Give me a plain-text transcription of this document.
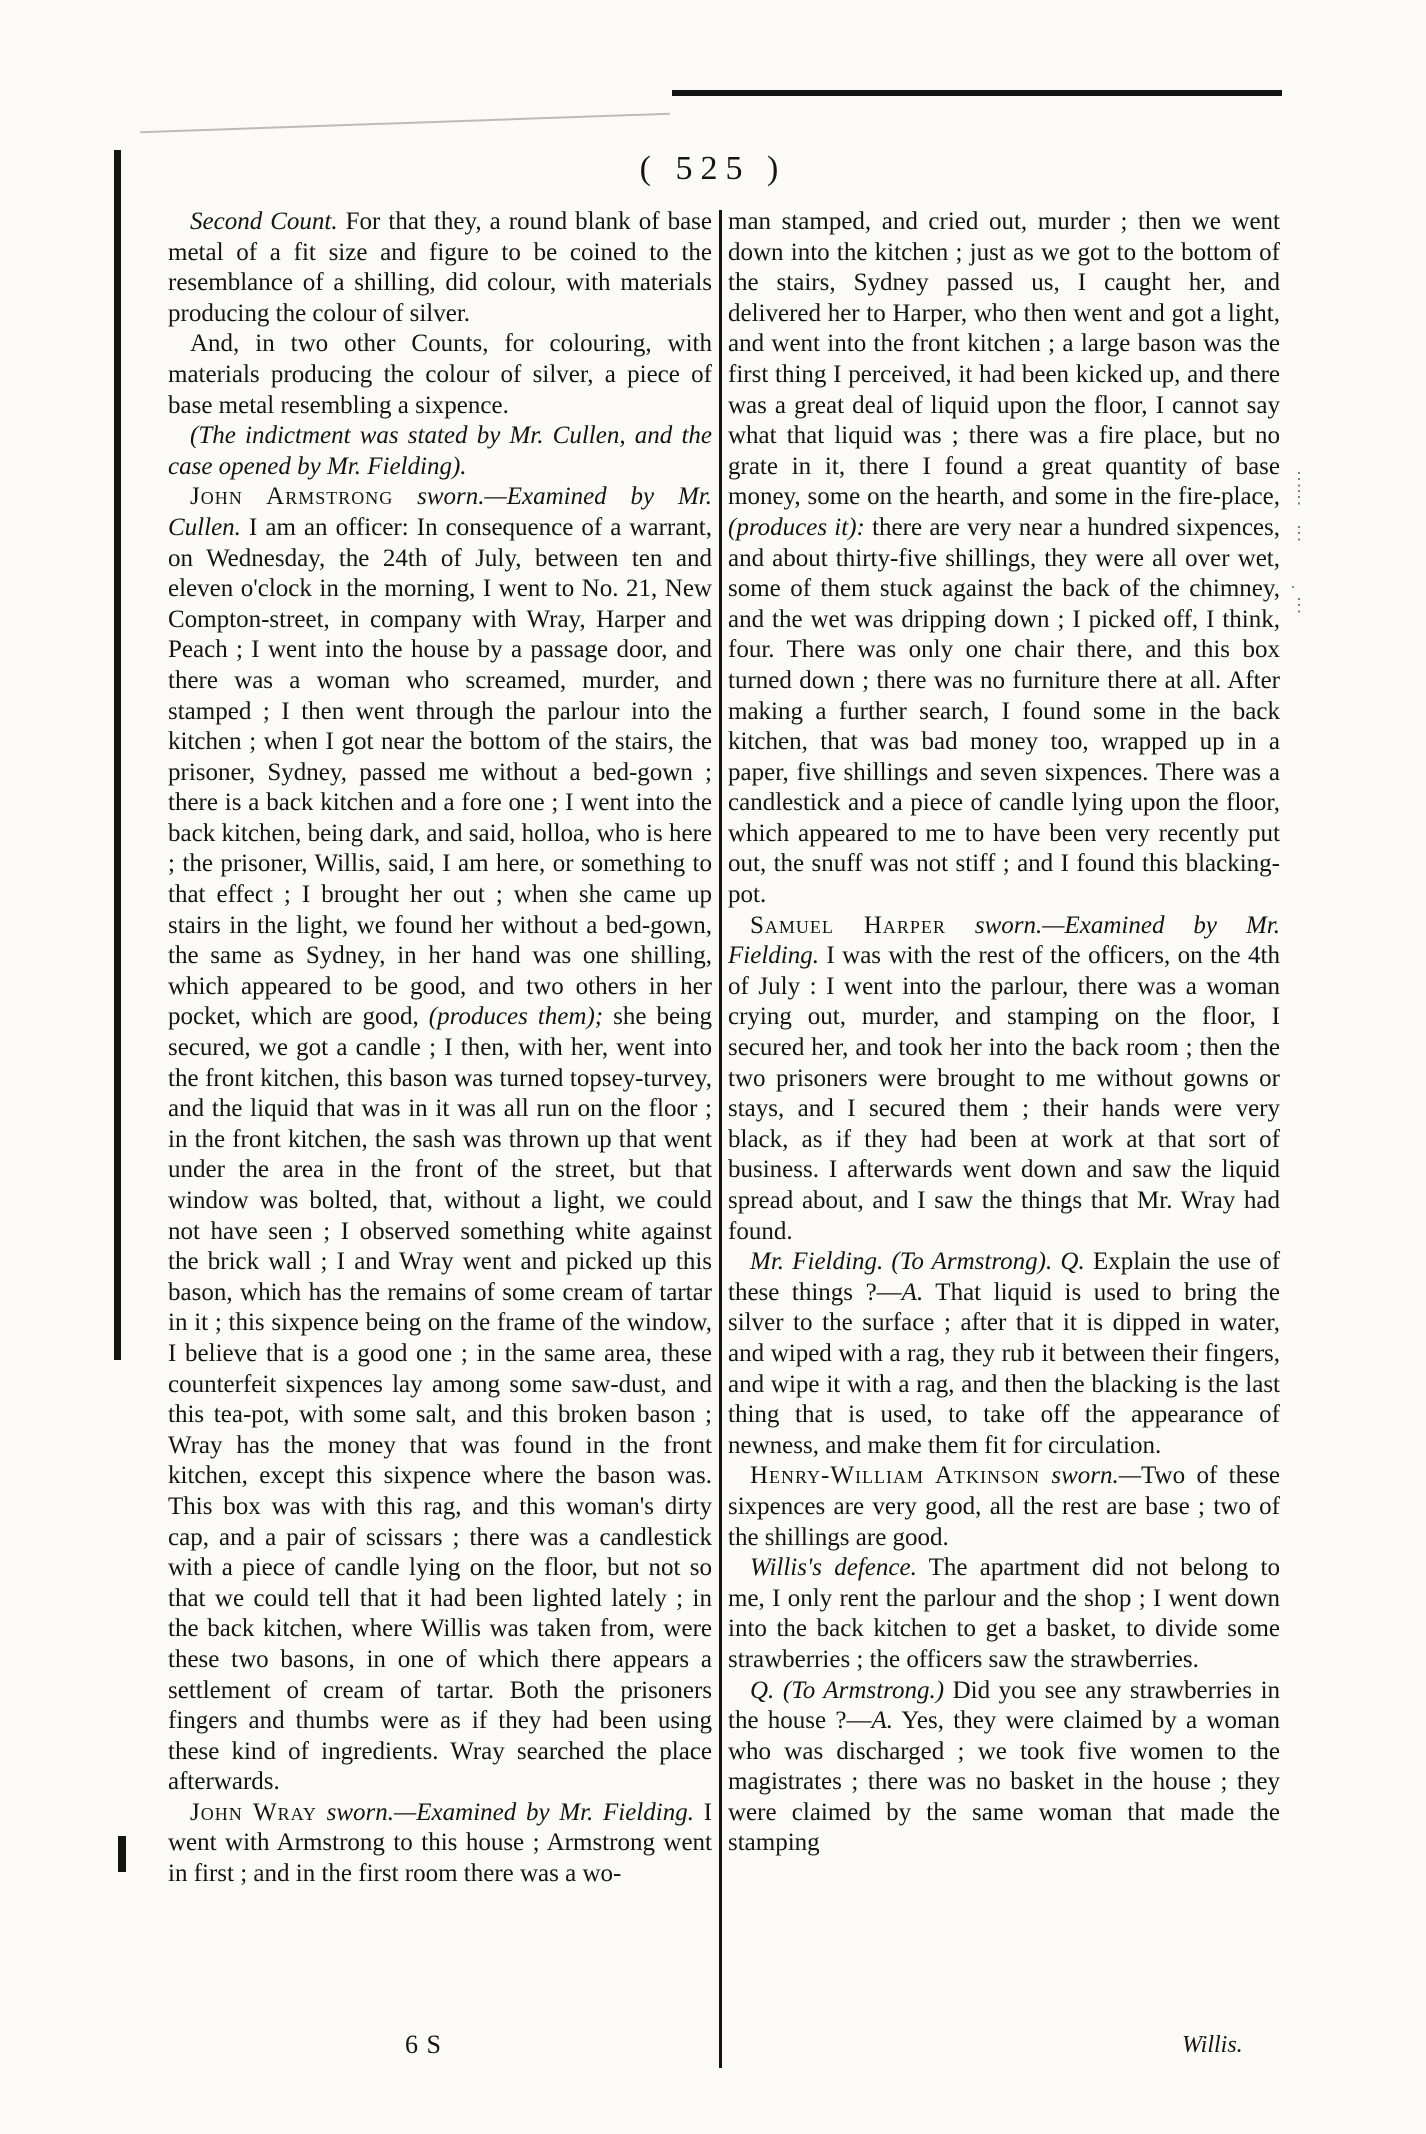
⋮
⋮

⋮

·
⋮
( 525 )

Second Count. For that they, a round blank of base metal of a fit size and figure to be coined to the resemblance of a shilling, did colour, with materials producing the colour of silver.

And, in two other Counts, for colouring, with materials producing the colour of silver, a piece of base metal resembling a sixpence.

(The indictment was stated by Mr. Cullen, and the case opened by Mr. Fielding).

John Armstrong sworn.—Examined by Mr. Cullen. I am an officer: In consequence of a warrant, on Wednesday, the 24th of July, between ten and eleven o'clock in the morning, I went to No. 21, New Compton-street, in company with Wray, Harper and Peach ; I went into the house by a passage door, and there was a woman who screamed, murder, and stamped ; I then went through the parlour into the kitchen ; when I got near the bottom of the stairs, the prisoner, Sydney, passed me without a bed-gown ; there is a back kitchen and a fore one ; I went into the back kitchen, being dark, and said, holloa, who is here ; the prisoner, Willis, said, I am here, or something to that effect ; I brought her out ; when she came up stairs in the light, we found her without a bed-gown, the same as Sydney, in her hand was one shilling, which appeared to be good, and two others in her pocket, which are good, (produces them); she being secured, we got a candle ; I then, with her, went into the front kitchen, this bason was turned topsey-turvey, and the liquid that was in it was all run on the floor ; in the front kitchen, the sash was thrown up that went under the area in the front of the street, but that window was bolted, that, without a light, we could not have seen ; I observed something white against the brick wall ; I and Wray went and picked up this bason, which has the remains of some cream of tartar in it ; this sixpence being on the frame of the window, I believe that is a good one ; in the same area, these counterfeit sixpences lay among some saw-dust, and this tea-pot, with some salt, and this broken bason ; Wray has the money that was found in the front kitchen, except this sixpence where the bason was. This box was with this rag, and this woman's dirty cap, and a pair of scissars ; there was a candlestick with a piece of candle lying on the floor, but not so that we could tell that it had been lighted lately ; in the back kitchen, where Willis was taken from, were these two basons, in one of which there appears a settlement of cream of tartar. Both the prisoners fingers and thumbs were as if they had been using these kind of ingredients. Wray searched the place afterwards.

John Wray sworn.—Examined by Mr. Fielding. I went with Armstrong to this house ; Armstrong went in first ; and in the first room there was a wo-

man stamped, and cried out, murder ; then we went down into the kitchen ; just as we got to the bottom of the stairs, Sydney passed us, I caught her, and delivered her to Harper, who then went and got a light, and went into the front kitchen ; a large bason was the first thing I perceived, it had been kicked up, and there was a great deal of liquid upon the floor, I cannot say what that liquid was ; there was a fire place, but no grate in it, there I found a great quantity of base money, some on the hearth, and some in the fire-place, (produces it): there are very near a hundred sixpences, and about thirty-five shillings, they were all over wet, some of them stuck against the back of the chimney, and the wet was dripping down ; I picked off, I think, four. There was only one chair there, and this box turned down ; there was no furniture there at all. After making a further search, I found some in the back kitchen, that was bad money too, wrapped up in a paper, five shillings and seven sixpences. There was a candlestick and a piece of candle lying upon the floor, which appeared to me to have been very recently put out, the snuff was not stiff ; and I found this blacking-pot.

Samuel Harper sworn.—Examined by Mr. Fielding. I was with the rest of the officers, on the 4th of July : I went into the parlour, there was a woman crying out, murder, and stamping on the floor, I secured her, and took her into the back room ; then the two prisoners were brought to me without gowns or stays, and I secured them ; their hands were very black, as if they had been at work at that sort of business. I afterwards went down and saw the liquid spread about, and I saw the things that Mr. Wray had found.

Mr. Fielding. (To Armstrong). Q. Explain the use of these things ?—A. That liquid is used to bring the silver to the surface ; after that it is dipped in water, and wiped with a rag, they rub it between their fingers, and wipe it with a rag, and then the blacking is the last thing that is used, to take off the appearance of newness, and make them fit for circulation.

Henry-William Atkinson sworn.—Two of these sixpences are very good, all the rest are base ; two of the shillings are good.

Willis's defence. The apartment did not belong to me, I only rent the parlour and the shop ; I went down into the back kitchen to get a basket, to divide some strawberries ; the officers saw the strawberries.

Q. (To Armstrong.) Did you see any strawberries in the house ?—A. Yes, they were claimed by a woman who was discharged ; we took five women to the magistrates ; there was no basket in the house ; they were claimed by the same woman that made the stamping

6 S	Willis.
